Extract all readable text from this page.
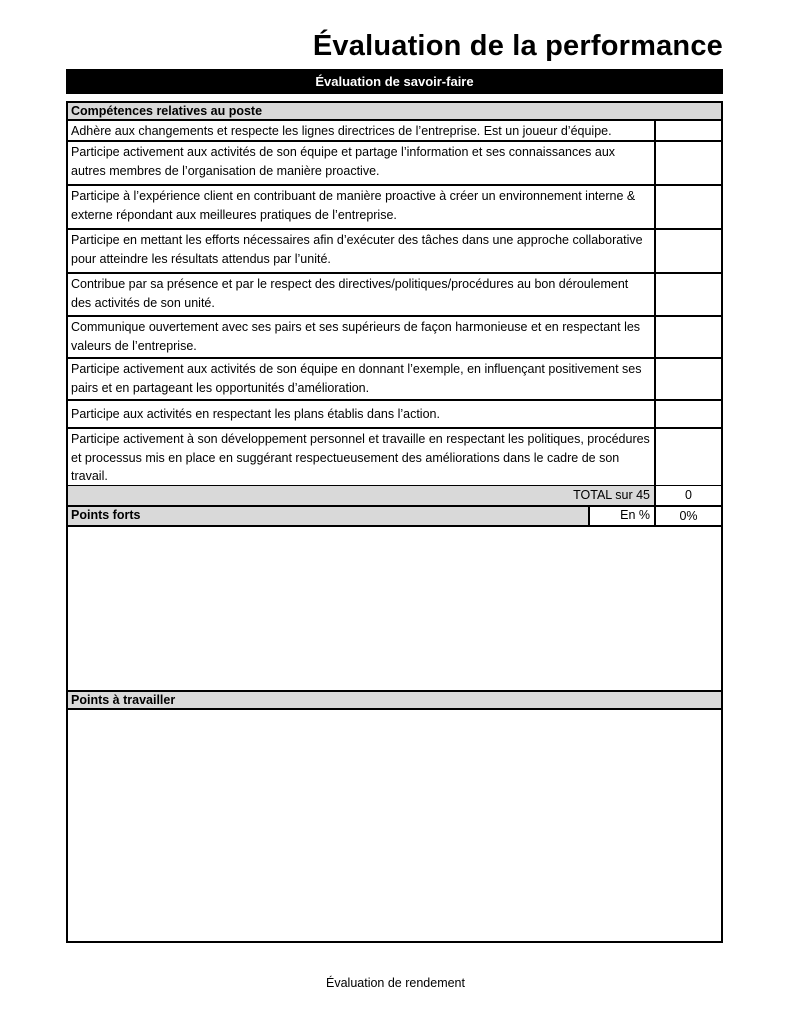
Évaluation de la performance
Évaluation de savoir-faire
Compétences relatives au poste
Adhère aux changements et respecte les lignes directrices de l’entreprise. Est un joueur d’équipe.
Participe activement aux activités de son équipe et partage l’information et ses connaissances aux autres membres de l’organisation de manière proactive.
Participe à l’expérience client en contribuant de manière proactive à créer un environnement interne & externe répondant aux meilleures pratiques de l’entreprise.
Participe en mettant les efforts nécessaires afin d’exécuter des tâches dans une approche collaborative pour atteindre les résultats attendus par l’unité.
Contribue par sa présence et par le respect des directives/politiques/procédures au bon déroulement des activités de son unité.
Communique ouvertement avec ses pairs et ses supérieurs de façon harmonieuse et en respectant les valeurs de l’entreprise.
Participe activement aux activités de son équipe en donnant l’exemple, en influençant positivement ses pairs et en partageant les opportunités d’amélioration.
Participe aux activités en respectant les plans établis dans l’action.
Participe activement à son développement personnel et travaille en respectant les politiques, procédures et processus mis en place en suggérant respectueusement des améliorations dans le cadre de son travail.
TOTAL sur 45	0
Points forts	En %	0%
Points à travailler
Évaluation de rendement
